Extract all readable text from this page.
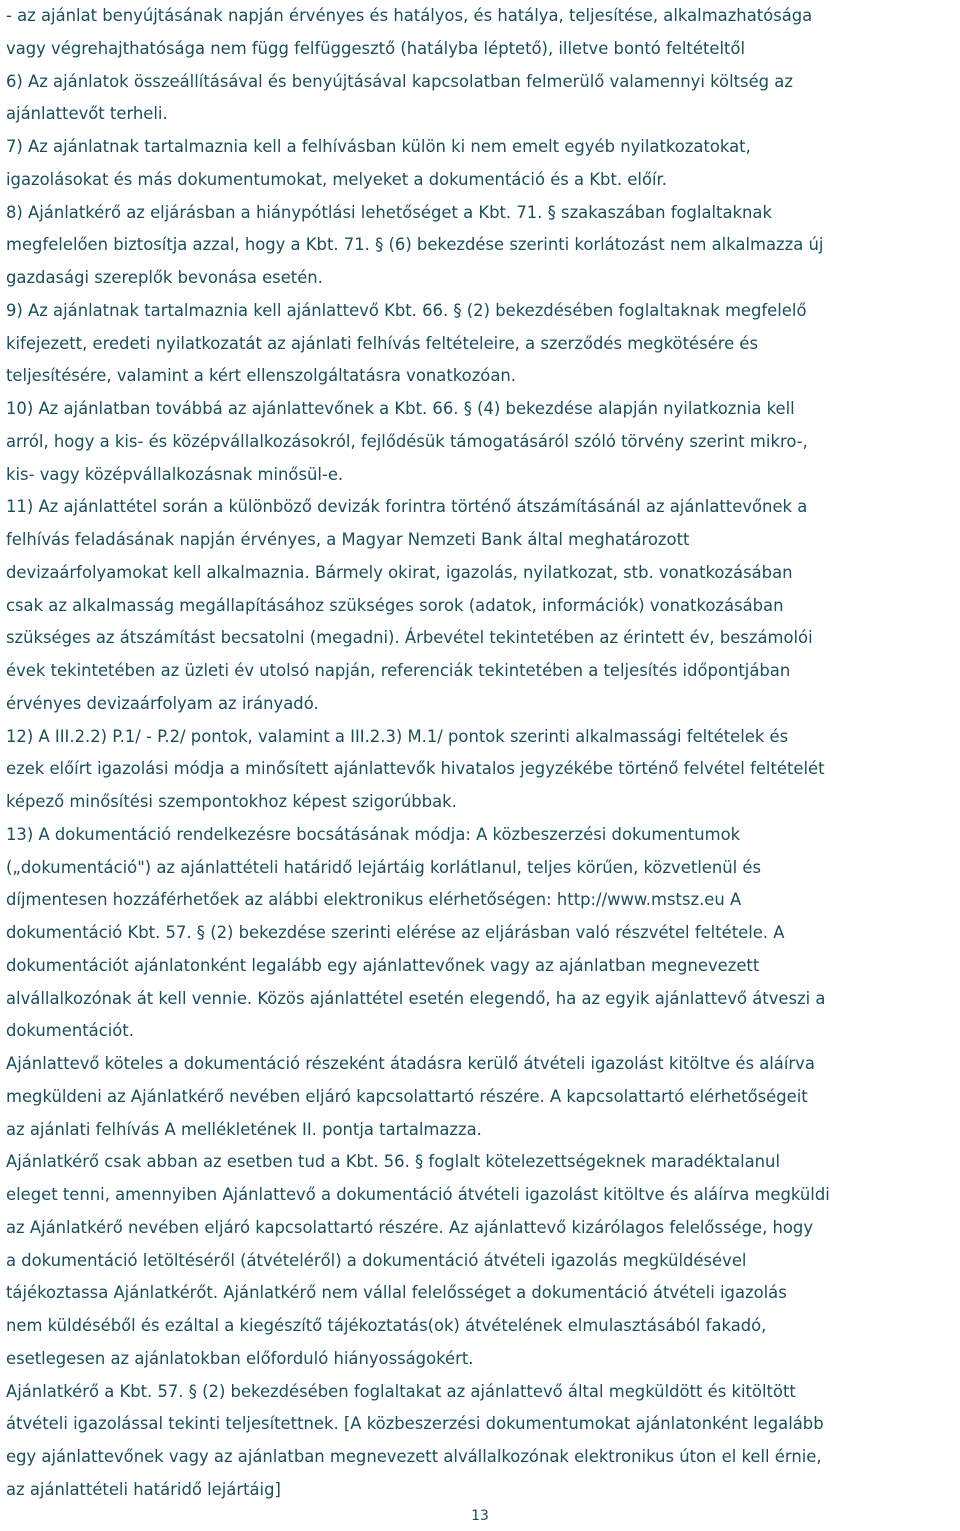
- az ajánlat benyújtásának napján érvényes és hatályos, és hatálya, teljesítése, alkalmazhatósága
vagy végrehajthatósága nem függ felfüggesztő (hatályba léptető), illetve bontó feltételtől
6) Az ajánlatok összeállításával és benyújtásával kapcsolatban felmerülő valamennyi költség az
ajánlattevőt terheli.
7) Az ajánlatnak tartalmaznia kell a felhívásban külön ki nem emelt egyéb nyilatkozatokat,
igazolásokat és más dokumentumokat, melyeket a dokumentáció és a Kbt. előír.
8) Ajánlatkérő az eljárásban a hiánypótlási lehetőséget a Kbt. 71. § szakaszában foglaltaknak
megfelelően biztosítja azzal, hogy a Kbt. 71. § (6) bekezdése szerinti korlátozást nem alkalmazza új
gazdasági szereplők bevonása esetén.
9) Az ajánlatnak tartalmaznia kell ajánlattevő Kbt. 66. § (2) bekezdésében foglaltaknak megfelelő
kifejezett, eredeti nyilatkozatát az ajánlati felhívás feltételeire, a szerződés megkötésére és
teljesítésére, valamint a kért ellenszolgáltatásra vonatkozóan.
10) Az ajánlatban továbbá az ajánlattevőnek a Kbt. 66. § (4) bekezdése alapján nyilatkoznia kell
arról, hogy a kis- és középvállalkozásokról, fejlődésük támogatásáról szóló törvény szerint mikro-,
kis- vagy középvállalkozásnak minősül-e.
11) Az ajánlattétel során a különböző devizák forintra történő átszámításánál az ajánlattevőnek a
felhívás feladásának napján érvényes, a Magyar Nemzeti Bank által meghatározott
devizaárfolyamokat kell alkalmaznia. Bármely okirat, igazolás, nyilatkozat, stb. vonatkozásában
csak az alkalmasság megállapításához szükséges sorok (adatok, információk) vonatkozásában
szükséges az átszámítást becsatolni (megadni). Árbevétel tekintetében az érintett év, beszámolói
évek tekintetében az üzleti év utolsó napján, referenciák tekintetében a teljesítés időpontjában
érvényes devizaárfolyam az irányadó.
12) A III.2.2) P.1/ - P.2/ pontok, valamint a III.2.3) M.1/ pontok szerinti alkalmassági feltételek és
ezek előírt igazolási módja a minősített ajánlattevők hivatalos jegyzékébe történő felvétel feltételét
képező minősítési szempontokhoz képest szigorúbbak.
13) A dokumentáció rendelkezésre bocsátásának módja: A közbeszerzési dokumentumok
(„dokumentáció") az ajánlattételi határidő lejártáig korlátlanul, teljes körűen, közvetlenül és
díjmentesen hozzáférhetőek az alábbi elektronikus elérhetőségen: http://www.mstsz.eu A
dokumentáció Kbt. 57. § (2) bekezdése szerinti elérése az eljárásban való részvétel feltétele. A
dokumentációt ajánlatonként legalább egy ajánlattevőnek vagy az ajánlatban megnevezett
alvállalkozónak át kell vennie. Közös ajánlattétel esetén elegendő, ha az egyik ajánlattevő átveszi a
dokumentációt.
Ajánlattevő köteles a dokumentáció részeként átadásra kerülő átvételi igazolást kitöltve és aláírva
megküldeni az Ajánlatkérő nevében eljáró kapcsolattartó részére. A kapcsolattartó elérhetőségeit
az ajánlati felhívás A mellékletének II. pontja tartalmazza.
Ajánlatkérő csak abban az esetben tud a Kbt. 56. § foglalt kötelezettségeknek maradéktalanul
eleget tenni, amennyiben Ajánlattevő a dokumentáció átvételi igazolást kitöltve és aláírva megküldi
az Ajánlatkérő nevében eljáró kapcsolattartó részére. Az ajánlattevő kizárólagos felelőssége, hogy
a dokumentáció letöltéséről (átvételéről) a dokumentáció átvételi igazolás megküldésével
tájékoztassa Ajánlatkérőt. Ajánlatkérő nem vállal felelősséget a dokumentáció átvételi igazolás
nem küldéséből és ezáltal a kiegészítő tájékoztatás(ok) átvételének elmulasztásából fakadó,
esetlegesen az ajánlatokban előforduló hiányosságokért.
Ajánlatkérő a Kbt. 57. § (2) bekezdésében foglaltakat az ajánlattevő által megküldött és kitöltött
átvételi igazolással tekinti teljesítettnek. [A közbeszerzési dokumentumokat ajánlatonként legalább
egy ajánlattevőnek vagy az ajánlatban megnevezett alvállalkozónak elektronikus úton el kell érnie,
az ajánlattételi határidő lejártáig]
13
